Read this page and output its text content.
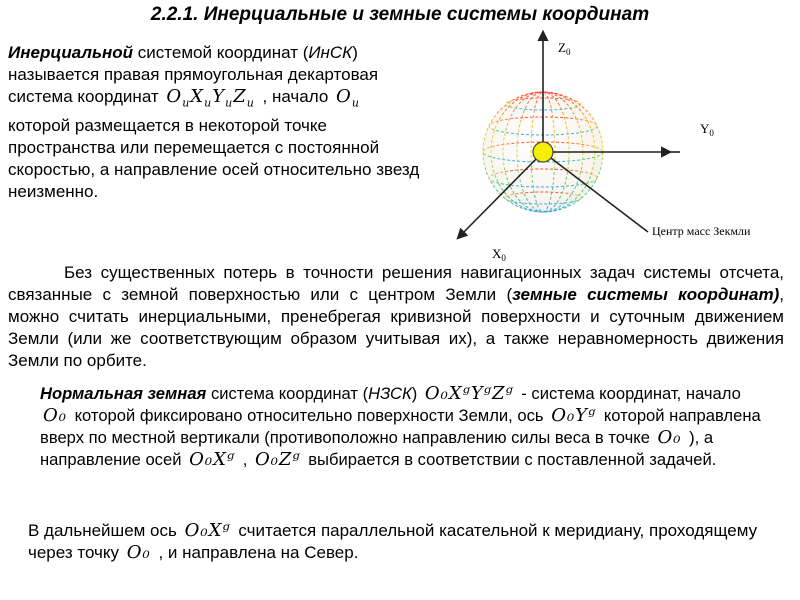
2.2.1. Инерциальные и земные системы координат
Инерциальной системой координат (ИнСК) называется правая прямоугольная декартовая система координат $O_uX_uY_uZ_u$ , начало $O_u$ которой размещается в некоторой точке пространства или перемещается с постоянной скоростью, а направление осей относительно звезд неизменно.
$Z_0$
$Y_0$
$X_0$
Центр масс Зекмли
Без существенных потерь в точности решения навигационных задач системы отсчета, связанные с земной поверхностью или с центром Земли (земные системы координат), можно считать инерциальными, пренебрегая кривизной поверхности и суточным движением Земли (или же соответствующим образом учитывая их), а также неравномерность движения Земли по орбите.
Нормальная земная система координат (НЗСК) O₀XᵍYᵍZᵍ - система координат, начало O₀ которой фиксировано относительно поверхности Земли, ось O₀Yᵍ которой направлена вверх по местной вертикали (противоположно направлению силы веса в точке O₀ ), а направление осей O₀Xᵍ , O₀Zᵍ выбирается в соответствии с поставленной задачей.
В дальнейшем ось O₀Xᵍ считается параллельной касательной к меридиану, проходящему через точку O₀ , и направлена на Север.
